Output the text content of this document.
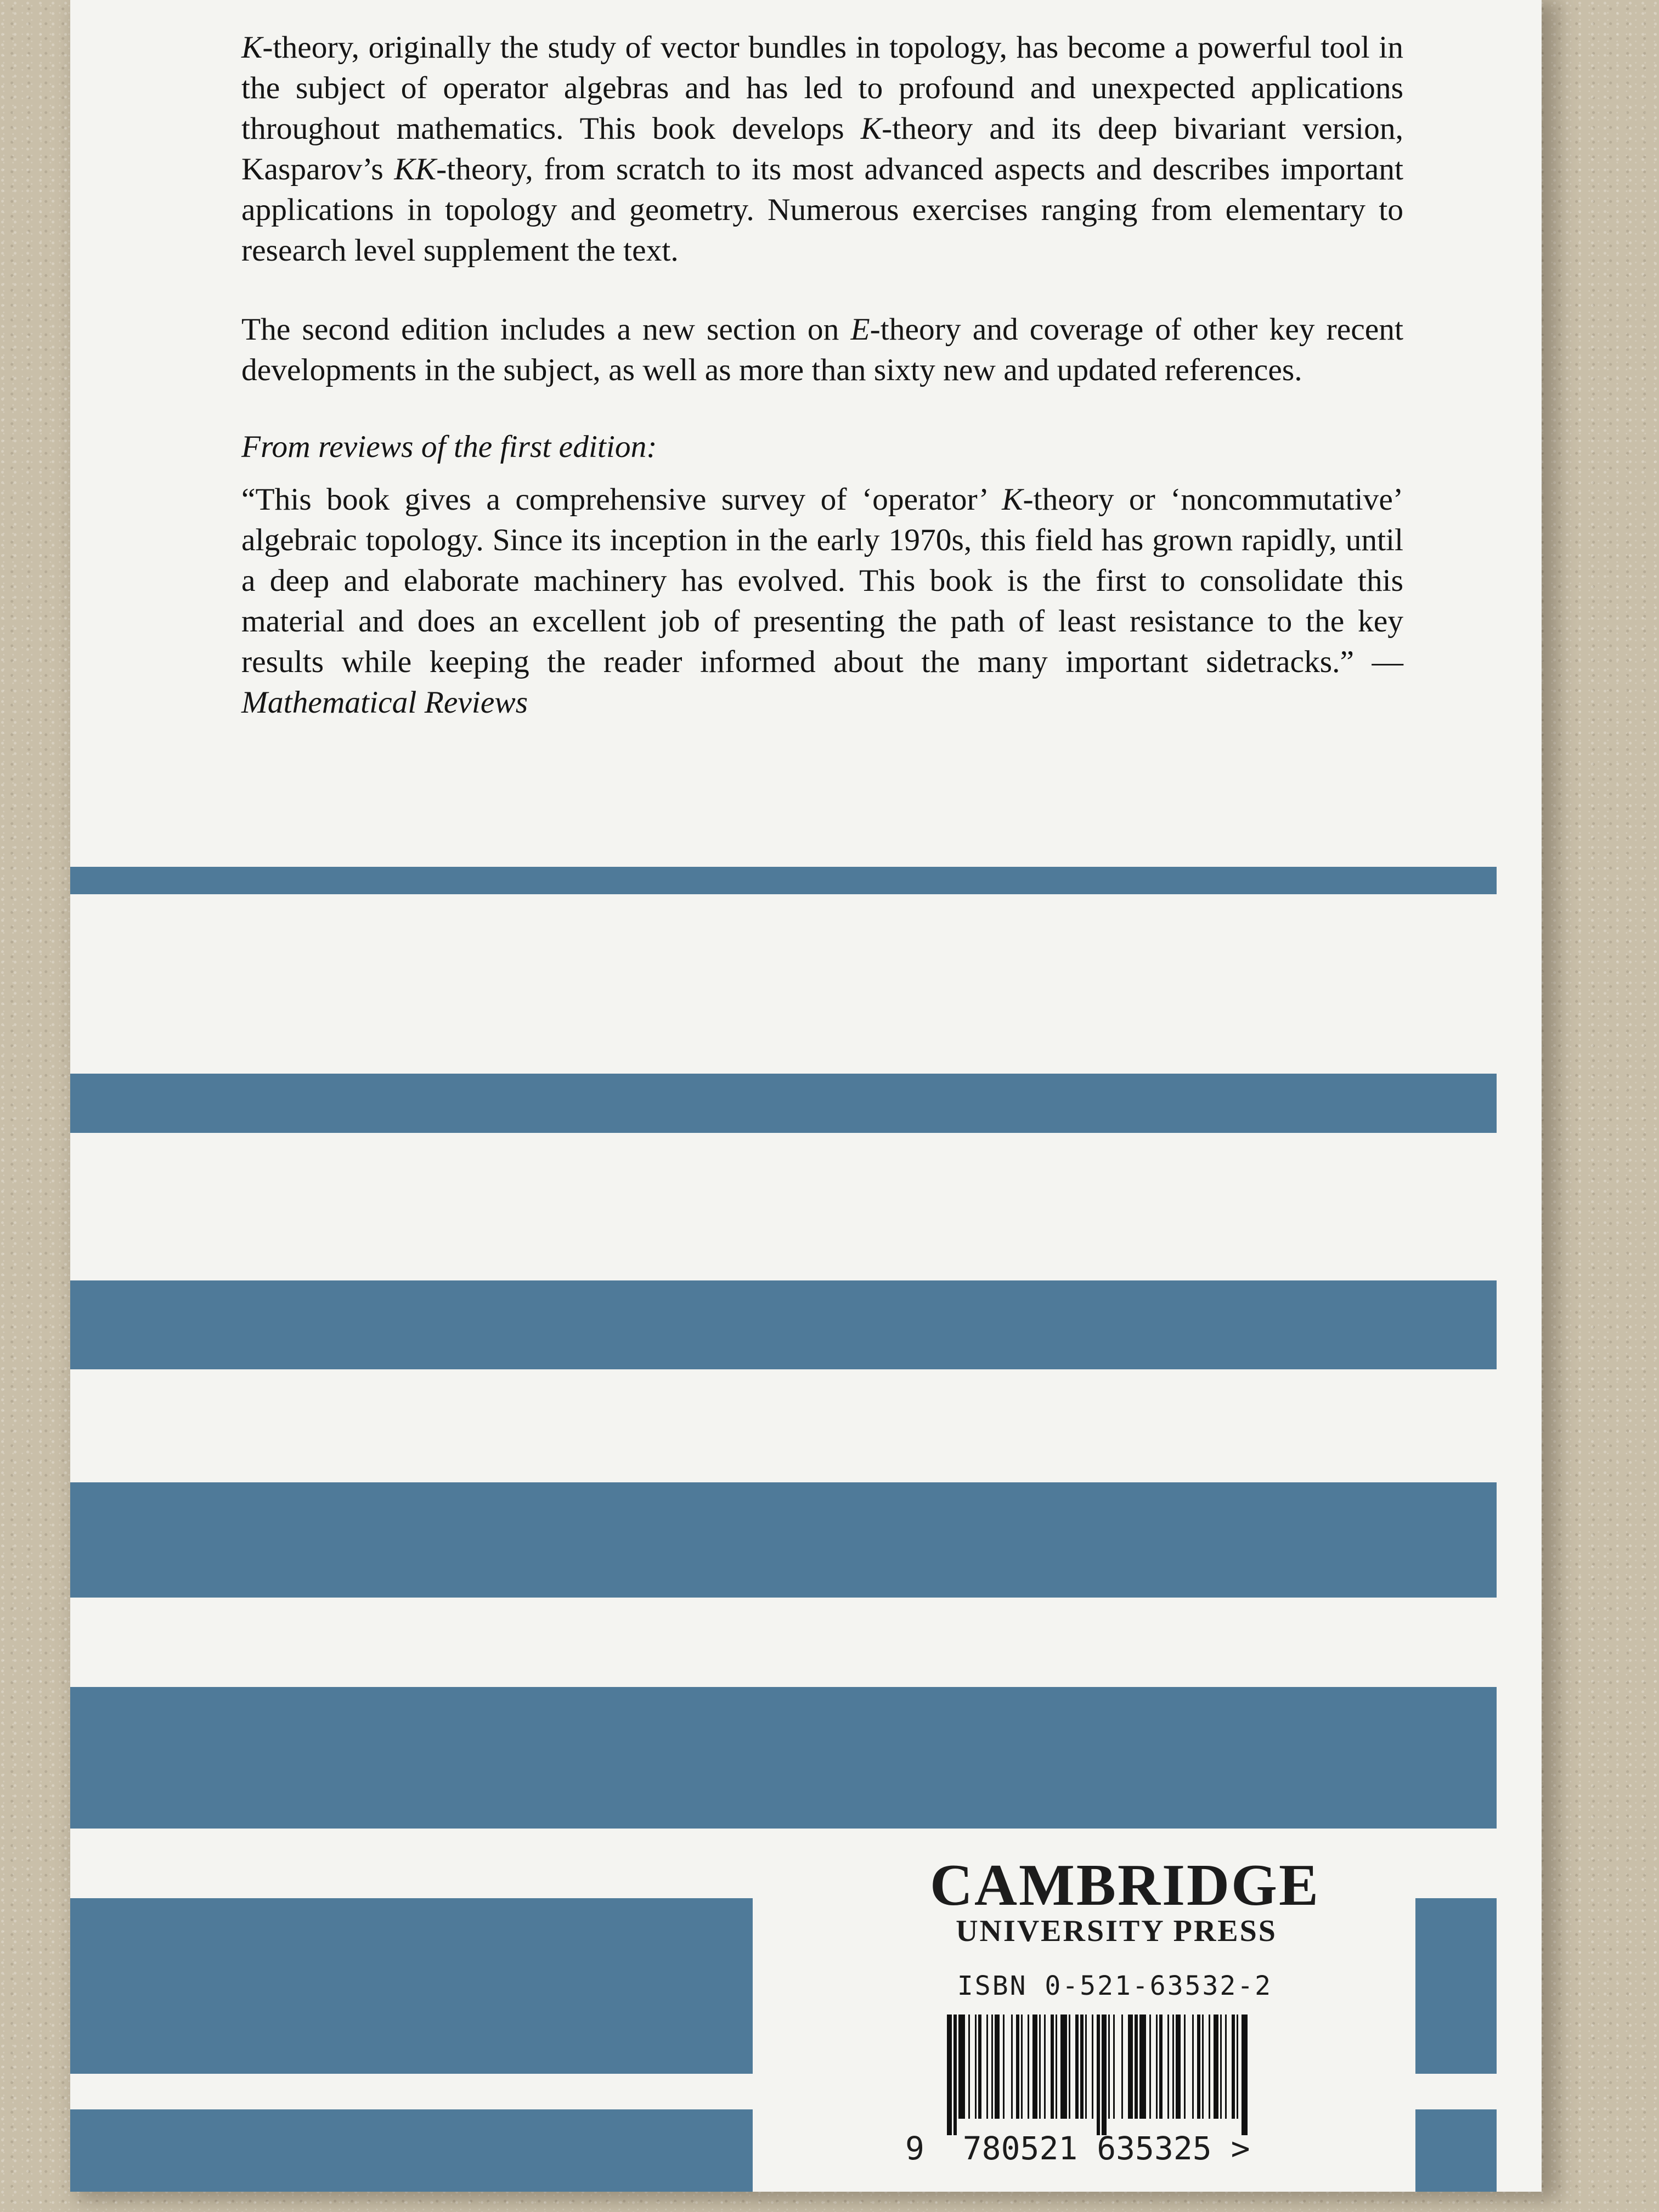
K-theory, originally the study of vector bundles in topology, has become a powerful tool in the subject of operator algebras and has led to profound and unexpected applications throughout mathematics. This book develops K-theory and its deep bivariant version, Kasparov’s KK-theory, from scratch to its most advanced aspects and describes important applications in topology and geometry. Numerous exercises ranging from elementary to research level supplement the text.

The second edition includes a new section on E-theory and coverage of other key recent developments in the subject, as well as more than sixty new and updated references.

From reviews of the first edition:

“This book gives a comprehensive survey of ‘operator’ K-theory or ‘noncommutative’ algebraic topology. Since its inception in the early 1970s, this field has grown rapidly, until a deep and elaborate machinery has evolved. This book is the first to consolidate this material and does an excellent job of presenting the path of least resistance to the key results while keeping the reader informed about the many important sidetracks.” — Mathematical Reviews

CAMBRIDGE
UNIVERSITY PRESS
ISBN 0-521-63532-2
9 780521 635325 >
